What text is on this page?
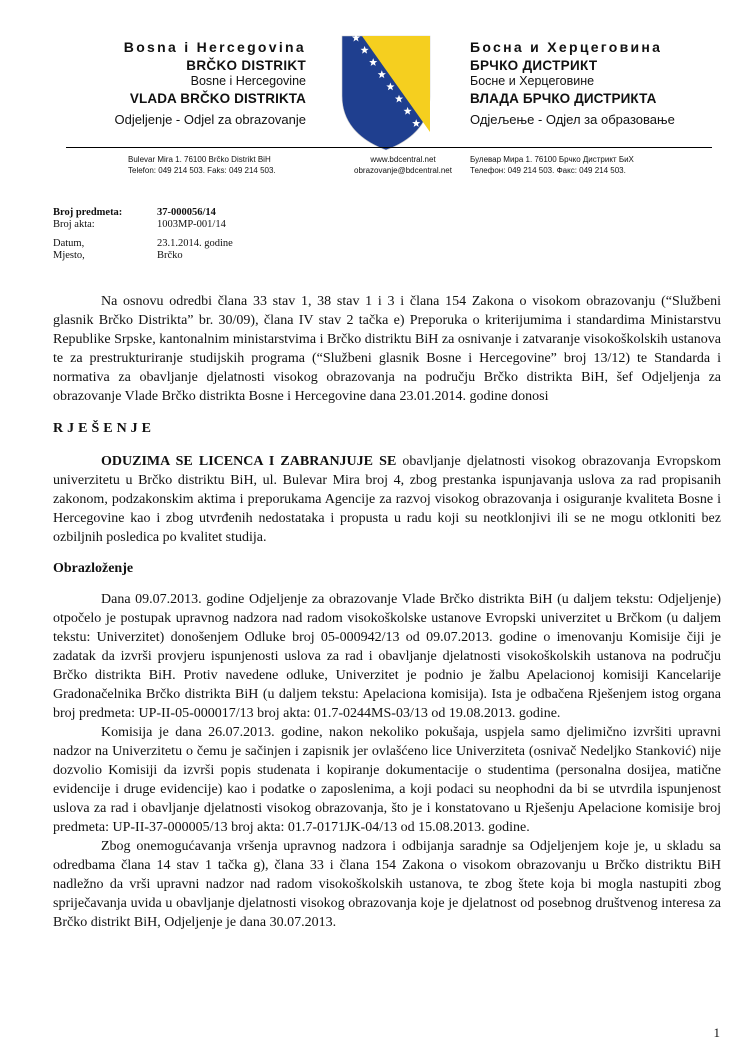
Bosna i Hercegovina
BRČKO DISTRIKT
Bosne i Hercegovine
VLADA BRČKO DISTRIKTA
Odjeljenje - Odjel za obrazovanje
Босна и Херцеговина
БРЧКО ДИСТРИКТ
Босне и Херцеговине
ВЛАДА БРЧКО ДИСТРИКТА
Одјељење - Одjел за образовање
Bulevar Mira 1. 76100 Brčko Distrikt BiH
Telefon: 049 214 503. Faks: 049 214 503.
www.bdcentral.net
obrazovanje@bdcentral.net
Булевар Мира 1. 76100 Брчко Дистрикт БиХ
Телефон: 049 214 503. Факс: 049 214 503.
Broj predmeta:	37-000056/14
Broj akta:	1003MP-001/14

Datum,	23.1.2014. godine
Mjesto,	Brčko

Na osnovu odredbi člana 33 stav 1, 38 stav 1 i 3 i člana 154 Zakona o visokom obrazovanju (“Službeni glasnik Brčko Distrikta” br. 30/09), člana IV stav 2 tačka e) Preporuka o kriterijumima i standardima Ministarstvu Republike Srpske, kantonalnim ministarstvima i Brčko distriktu BiH za osnivanje i zatvaranje visokoškolskih ustanova te za prestrukturiranje studijskih programa (“Službeni glasnik Bosne i Hercegovine” broj 13/12) te Standarda i normativa za obavljanje djelatnosti visokog obrazovanja na području Brčko distrikta BiH, šef Odjeljenja za obrazovanje Vlade Brčko distrikta Bosne i Hercegovine dana 23.01.2014. godine donosi

RJEŠENJE

ODUZIMA SE LICENCA I ZABRANJUJE SE obavljanje djelatnosti visokog obrazovanja Evropskom univerzitetu u Brčko distriktu BiH, ul. Bulevar Mira broj 4, zbog prestanka ispunjavanja uslova za rad propisanih zakonom, podzakonskim aktima i preporukama Agencije za razvoj visokog obrazovanja i osiguranje kvaliteta Bosne i Hercegovine kao i zbog utvrđenih nedostataka i propusta u radu koji su neotklonjivi ili se ne mogu otkloniti bez ozbiljnih posledica po kvalitet studija.

Obrazloženje

Dana 09.07.2013. godine Odjeljenje za obrazovanje Vlade Brčko distrikta BiH (u daljem tekstu: Odjeljenje) otpočelo je postupak upravnog nadzora nad radom visokoškolske ustanove Evropski univerzitet u Brčkom (u daljem tekstu: Univerzitet) donošenjem Odluke broj 05-000942/13 od 09.07.2013. godine o imenovanju Komisije čiji je zadatak da izvrši provjeru ispunjenosti uslova za rad i obavljanje djelatnosti visokoškolskih ustanova na području Brčko distrikta BiH. Protiv navedene odluke, Univerzitet je podnio je žalbu Apelacionoj komisiji Kancelarije Gradonačelnika Brčko distrikta BiH (u daljem tekstu: Apelaciona komisija). Ista je odbačena Rješenjem istog organa broj predmeta: UP-II-05-000017/13 broj akta: 01.7-0244MS-03/13 od 19.08.2013. godine.

Komisija je dana 26.07.2013. godine, nakon nekoliko pokušaja, uspjela samo djelimično izvršiti upravni nadzor na Univerzitetu o čemu je sačinjen i zapisnik jer ovlašćeno lice Univerziteta (osnivač Nedeljko Stanković) nije dozvolio Komisiji da izvrši popis studenata i kopiranje dokumentacije o studentima (personalna dosijea, matične evidencije i druge evidencije) kao i podatke o zaposlenima, a koji podaci su neophodni da bi se utvrdila ispunjenost uslova za rad i obavljanje djelatnosti visokog obrazovanja, što je i konstatovano u Rješenju Apelacione komisije broj predmeta: UP-II-37-000005/13 broj akta: 01.7-0171JK-04/13 od 15.08.2013. godine.

Zbog onemogućavanja vršenja upravnog nadzora i odbijanja saradnje sa Odjeljenjem koje je, u skladu sa odredbama člana 14 stav 1 tačka g), člana 33 i člana 154 Zakona o visokom obrazovanju u Brčko distriktu BiH nadležno da vrši upravni nadzor nad radom visokoškolskih ustanova, te zbog štete koja bi mogla nastupiti zbog spriječavanja uvida u obavljanje djelatnosti visokog obrazovanja koje je djelatnost od posebnog društvenog interesa za Brčko distrikt BiH, Odjeljenje je dana 30.07.2013.

1
